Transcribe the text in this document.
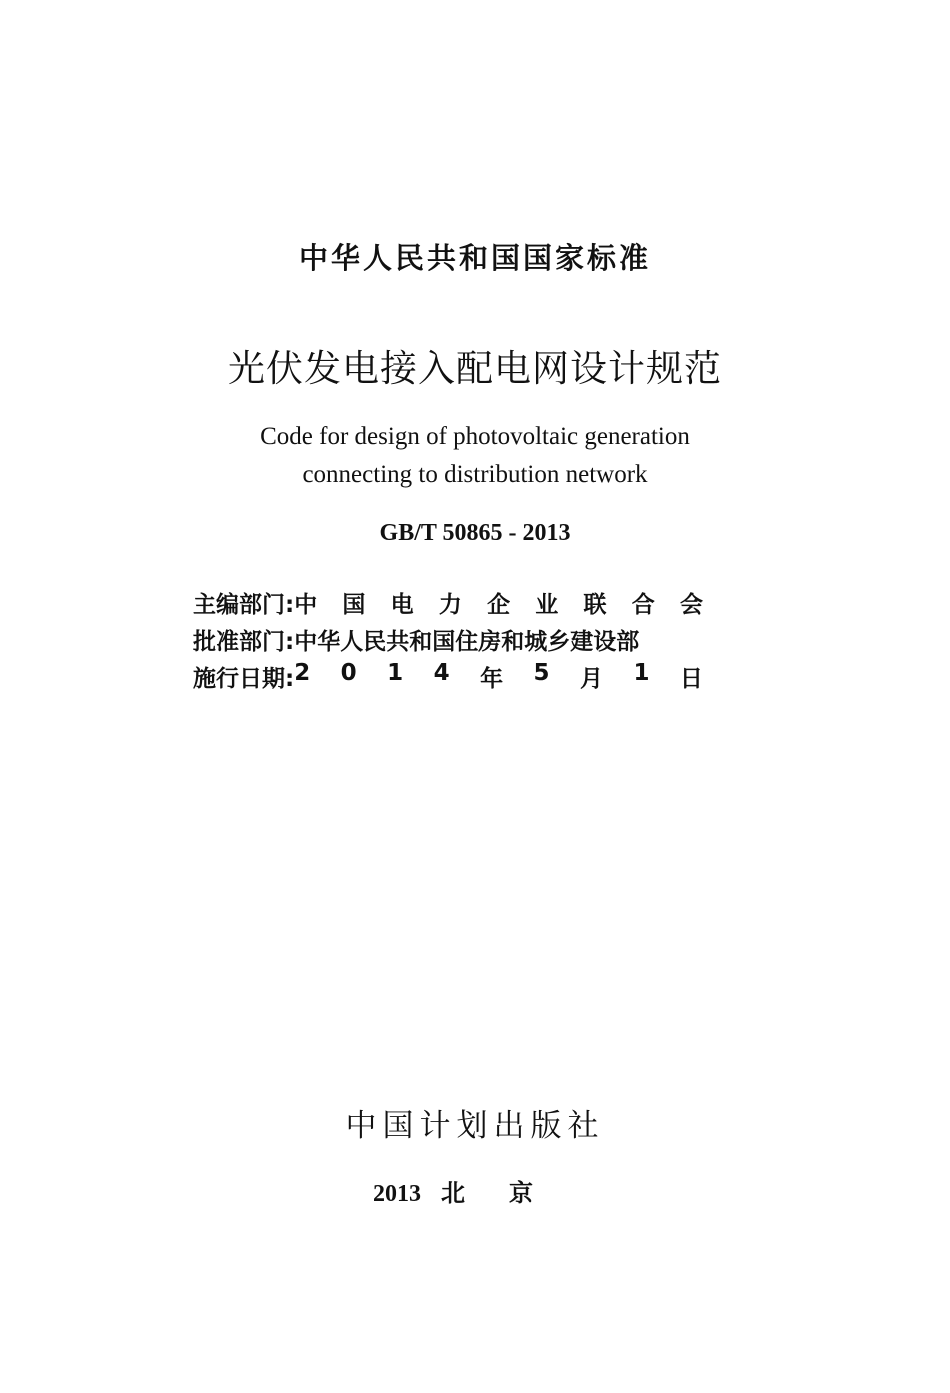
中华人民共和国国家标准
光伏发电接入配电网设计规范
Code for design of photovoltaic generation
connecting to distribution network
GB/T 50865 - 2013
主编部门: 中 国 电 力 企 业 联 合 会
批准部门: 中华人民共和国住房和城乡建设部
施行日期: 2 0 1 4 年 5 月 1 日
中国计划出版社
2013 北京
